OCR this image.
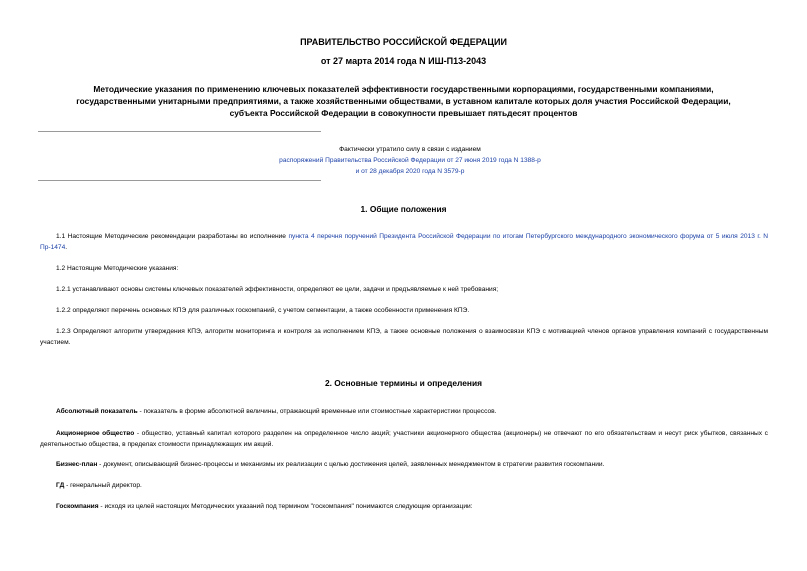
ПРАВИТЕЛЬСТВО РОССИЙСКОЙ ФЕДЕРАЦИИ
от 27 марта 2014 года N ИШ-П13-2043
Методические указания по применению ключевых показателей эффективности государственными корпорациями, государственными компаниями,
государственными унитарными предприятиями, а также хозяйственными обществами, в уставном капитале которых доля участия Российской Федерации,
субъекта Российской Федерации в совокупности превышает пятьдесят процентов
Фактически утратило силу в связи с изданием
распоряжений Правительства Российской Федерации от 27 июня 2019 года N 1388-р
и от 28 декабря 2020 года N 3579-р
1. Общие положения
1.1 Настоящие Методические рекомендации разработаны во исполнение пункта 4 перечня поручений Президента Российской Федерации по итогам Петербургского международного экономического форума от 5 июля 2013 г. N Пр-1474.
1.2 Настоящие Методические указания:
1.2.1 устанавливают основы системы ключевых показателей эффективности, определяют ее цели, задачи и предъявляемые к ней требования;
1.2.2 определяют перечень основных КПЭ для различных госкомпаний, с учетом сегментации, а также особенности применения КПЭ.
1.2.3 Определяют алгоритм утверждения КПЭ, алгоритм мониторинга и контроля за исполнением КПЭ, а также основные положения о взаимосвязи КПЭ с мотивацией членов органов управления компаний с государственным участием.
2. Основные термины и определения
Абсолютный показатель - показатель в форме абсолютной величины, отражающий временные или стоимостные характеристики процессов.
Акционерное общество - общество, уставный капитал которого разделен на определенное число акций; участники акционерного общества (акционеры) не отвечают по его обязательствам и несут риск убытков, связанных с деятельностью общества, в пределах стоимости принадлежащих им акций.
Бизнес-план - документ, описывающий бизнес-процессы и механизмы их реализации с целью достижения целей, заявленных менеджментом в стратегии развития госкомпании.
ГД - генеральный директор.
Госкомпания - исходя из целей настоящих Методических указаний под термином "госкомпания" понимаются следующие организации:
